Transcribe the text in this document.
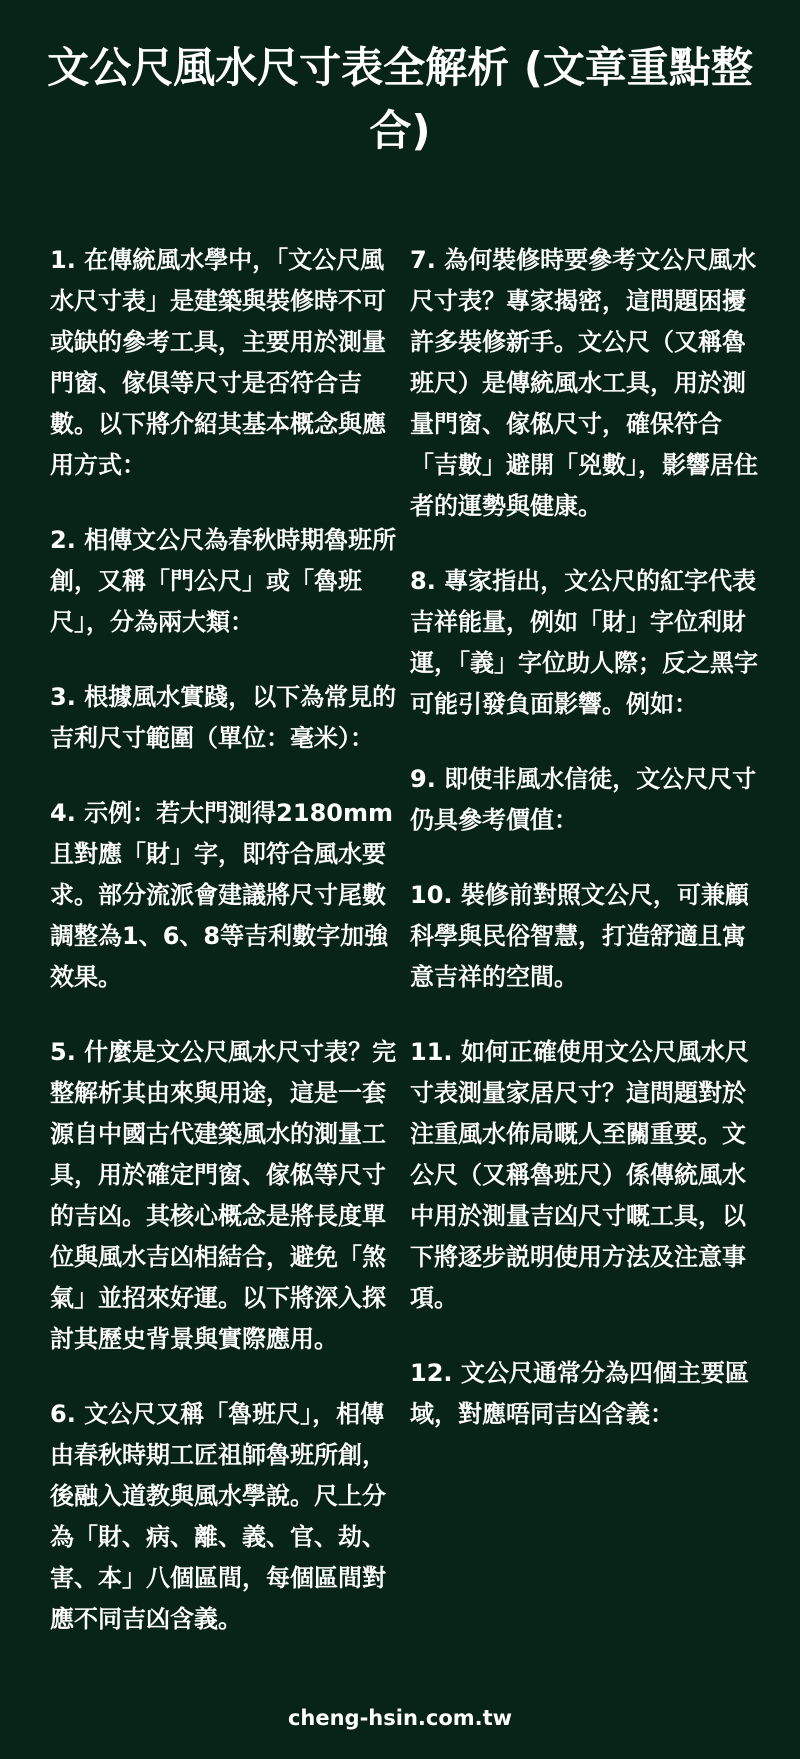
文公尺風水尺寸表全解析 (文章重點整合)

1. 在傳統風水學中，「文公尺風水尺寸表」是建築與裝修時不可或缺的參考工具，主要用於測量門窗、傢俱等尺寸是否符合吉數。以下將介紹其基本概念與應用方式：

2. 相傳文公尺為春秋時期魯班所創，又稱「門公尺」或「魯班尺」，分為兩大類：

3. 根據風水實踐，以下為常見的吉利尺寸範圍（單位：毫米）：

4. 示例：若大門測得2180mm且對應「財」字，即符合風水要求。部分流派會建議將尺寸尾數調整為1、6、8等吉利數字加強效果。

5. 什麼是文公尺風水尺寸表？完整解析其由來與用途，這是一套源自中國古代建築風水的測量工具，用於確定門窗、傢俬等尺寸的吉凶。其核心概念是將長度單位與風水吉凶相結合，避免「煞氣」並招來好運。以下將深入探討其歷史背景與實際應用。

6. 文公尺又稱「魯班尺」，相傳由春秋時期工匠祖師魯班所創，後融入道教與風水學說。尺上分為「財、病、離、義、官、劫、害、本」八個區間，每個區間對應不同吉凶含義。

7. 為何裝修時要參考文公尺風水尺寸表？專家揭密，這問題困擾許多裝修新手。文公尺（又稱魯班尺）是傳統風水工具，用於測量門窗、傢俬尺寸，確保符合「吉數」避開「兇數」，影響居住者的運勢與健康。

8. 專家指出，文公尺的紅字代表吉祥能量，例如「財」字位利財運，「義」字位助人際；反之黑字可能引發負面影響。例如：

9. 即使非風水信徒，文公尺尺寸仍具參考價值：

10. 裝修前對照文公尺，可兼顧科學與民俗智慧，打造舒適且寓意吉祥的空間。

11. 如何正確使用文公尺風水尺寸表測量家居尺寸？這問題對於注重風水佈局嘅人至關重要。文公尺（又稱魯班尺）係傳統風水中用於測量吉凶尺寸嘅工具，以下將逐步説明使用方法及注意事項。

12. 文公尺通常分為四個主要區域，對應唔同吉凶含義：

cheng-hsin.com.tw
